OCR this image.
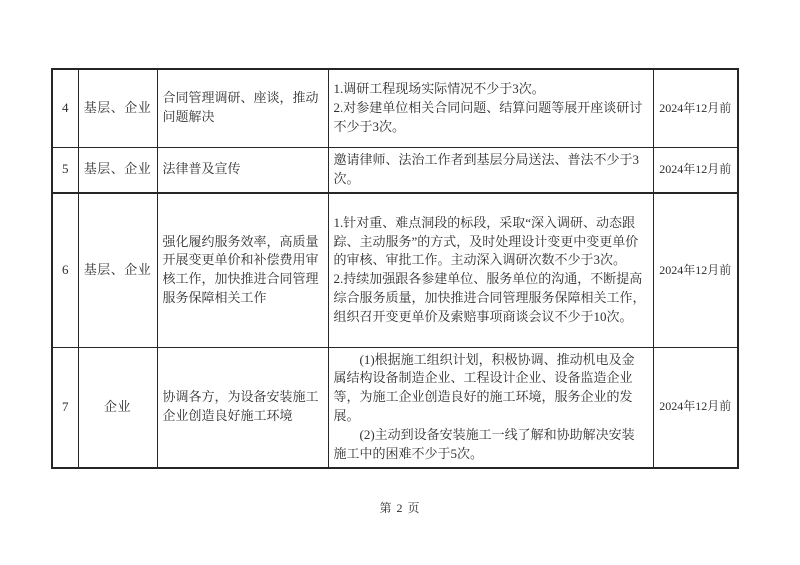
4	基层、企业	合同管理调研、座谈，推动问题解决	1.调研工程现场实际情况不少于3次。

2.对参建单位相关合同问题、结算问题等展开座谈研讨不少于3次。	2024年12月前
5	基层、企业	法律普及宣传	邀请律师、法治工作者到基层分局送法、普法不少于3次。	2024年12月前
6	基层、企业	强化履约服务效率，高质量开展变更单价和补偿费用审核工作，加快推进合同管理服务保障相关工作	1.针对重、难点洞段的标段，采取“深入调研、动态跟踪、主动服务”的方式，及时处理设计变更中变更单价的审核、审批工作。主动深入调研次数不少于3次。

2.持续加强跟各参建单位、服务单位的沟通，不断提高综合服务质量，加快推进合同管理服务保障相关工作，组织召开变更单价及索赔事项商谈会议不少于10次。	2024年12月前
7	企业	协调各方，为设备安装施工企业创造良好施工环境	(1)根据施工组织计划，积极协调、推动机电及金属结构设备制造企业、工程设计企业、设备监造企业等，为施工企业创造良好的施工环境，服务企业的发展。

(2)主动到设备安装施工一线了解和协助解决安装施工中的困难不少于5次。	2024年12月前
第 2 页
